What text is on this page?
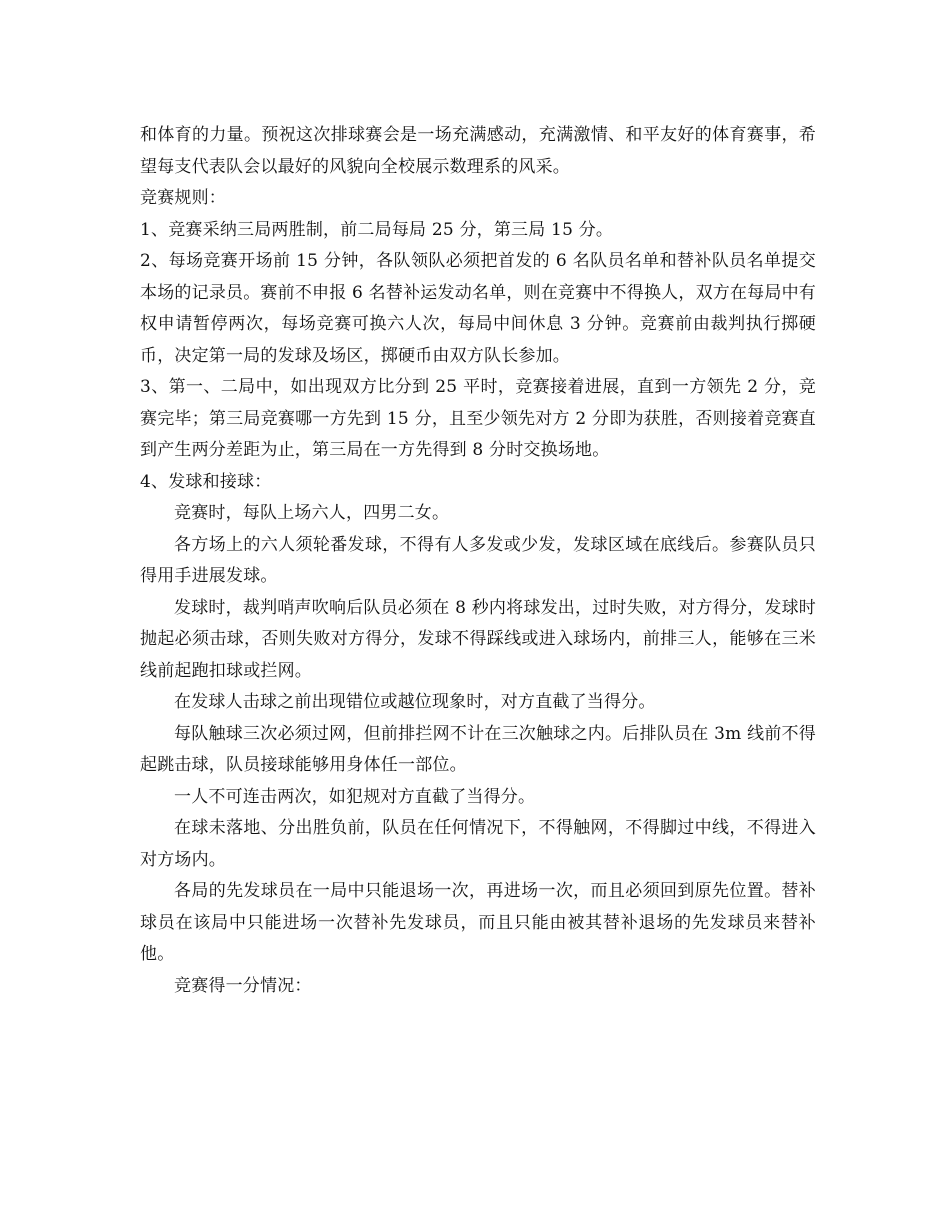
和体育的力量。预祝这次排球赛会是一场充满感动，充满激情、和平友好的体育赛事，希望每支代表队会以最好的风貌向全校展示数理系的风采。

竞赛规则：

1、竞赛采纳三局两胜制，前二局每局 25 分，第三局 15 分。

2、每场竞赛开场前 15 分钟，各队领队必须把首发的 6 名队员名单和替补队员名单提交本场的记录员。赛前不申报 6 名替补运发动名单，则在竞赛中不得换人，双方在每局中有权申请暂停两次，每场竞赛可换六人次，每局中间休息 3 分钟。竞赛前由裁判执行掷硬币，决定第一局的发球及场区，掷硬币由双方队长参加。

3、第一、二局中，如出现双方比分到 25 平时，竞赛接着进展，直到一方领先 2 分，竞赛完毕；第三局竞赛哪一方先到 15 分，且至少领先对方 2 分即为获胜，否则接着竞赛直到产生两分差距为止，第三局在一方先得到 8 分时交换场地。

4、发球和接球：

竞赛时，每队上场六人，四男二女。

各方场上的六人须轮番发球，不得有人多发或少发，发球区域在底线后。参赛队员只得用手进展发球。

发球时，裁判哨声吹响后队员必须在 8 秒内将球发出，过时失败，对方得分，发球时抛起必须击球，否则失败对方得分，发球不得踩线或进入球场内，前排三人，能够在三米线前起跑扣球或拦网。

在发球人击球之前出现错位或越位现象时，对方直截了当得分。

每队触球三次必须过网，但前排拦网不计在三次触球之内。后排队员在 3m 线前不得起跳击球，队员接球能够用身体任一部位。

一人不可连击两次，如犯规对方直截了当得分。

在球未落地、分出胜负前，队员在任何情况下，不得触网，不得脚过中线，不得进入对方场内。

各局的先发球员在一局中只能退场一次，再进场一次，而且必须回到原先位置。替补球员在该局中只能进场一次替补先发球员，而且只能由被其替补退场的先发球员来替补他。

竞赛得一分情况：
